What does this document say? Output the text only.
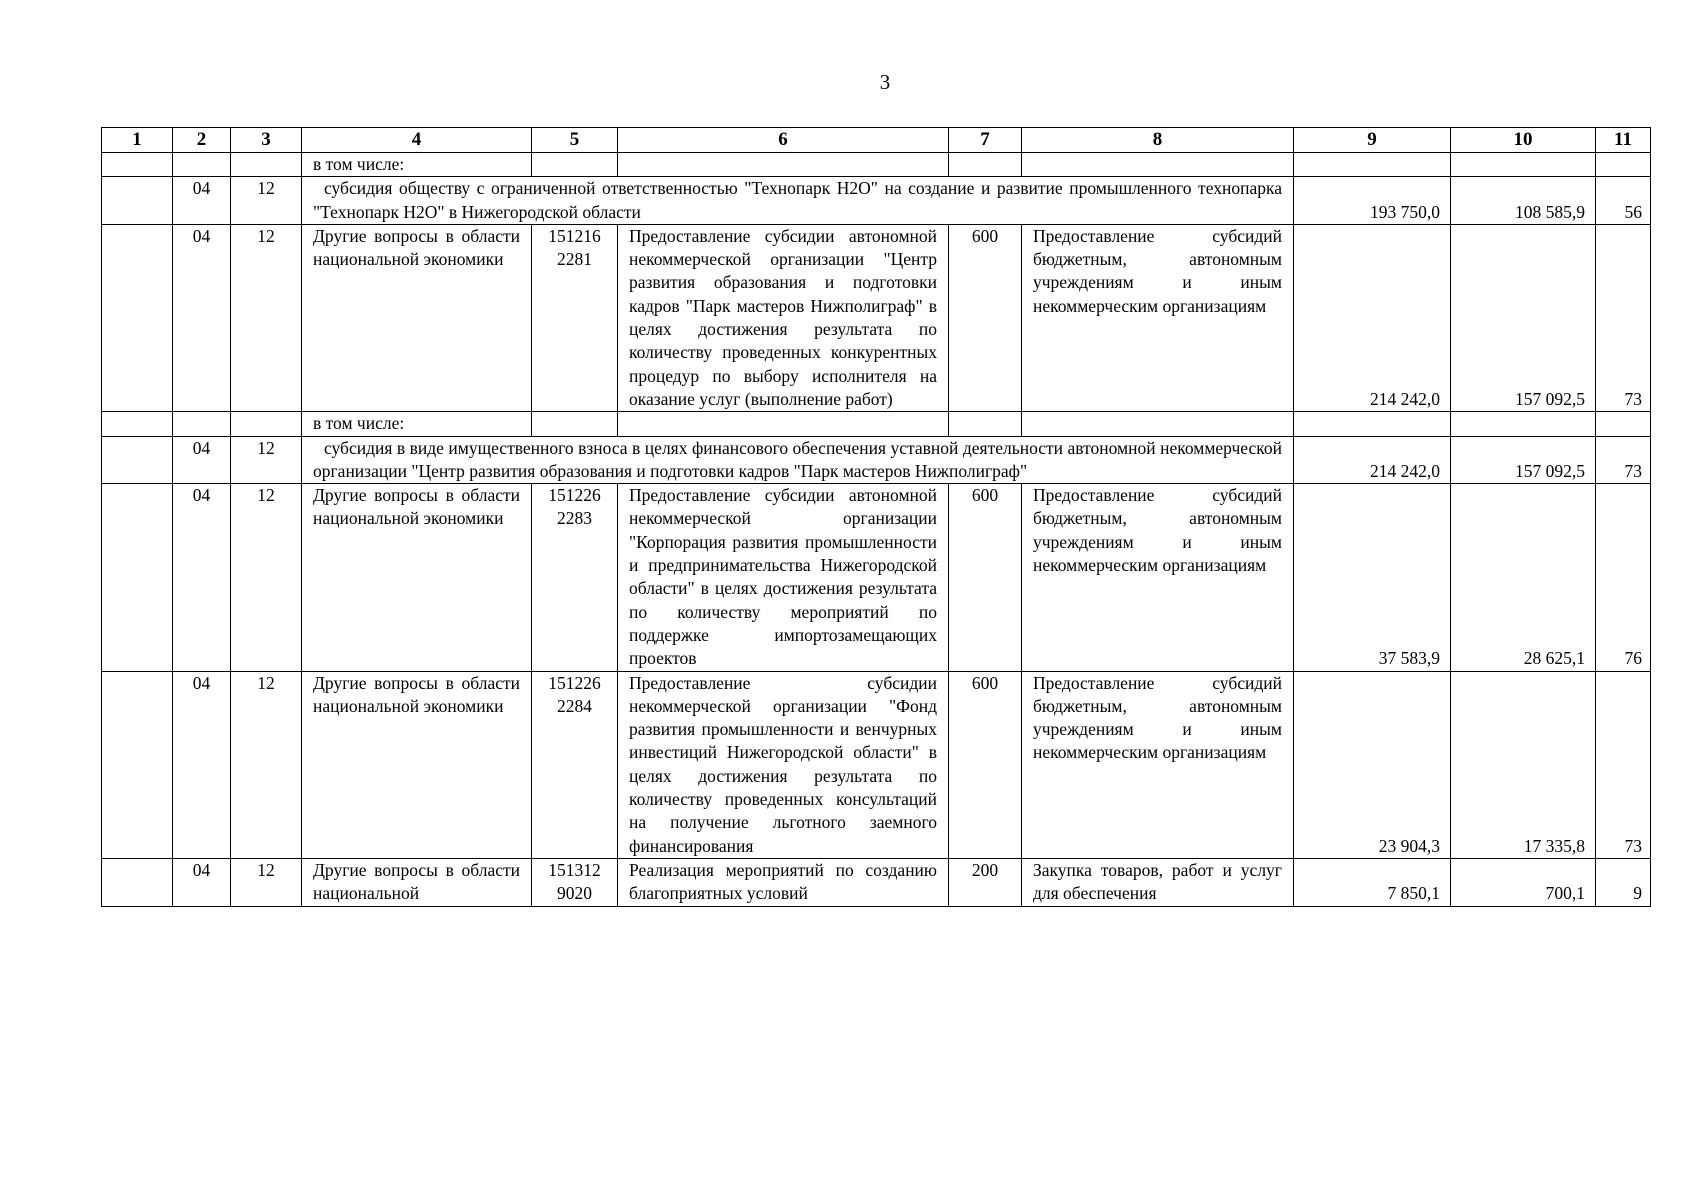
3
1	2	3	4	5	6	7	8	9	10	11
			в том числе:							
	04	12	субсидия обществу с ограниченной ответственностью "Технопарк H2O" на создание и развитие промышленного технопарка "Технопарк H2O" в Нижегородской области					193 750,0	108 585,9	56
	04	12	Другие вопросы в области национальной экономики	151216 2281	Предоставление субсидии автономной некоммерческой организации "Центр развития образования и подготовки кадров "Парк мастеров Нижполиграф" в целях достижения результата по количеству проведенных конкурентных процедур по выбору исполнителя на оказание услуг (выполнение работ)	600	Предоставление субсидий бюджетным, автономным учреждениям и иным некоммерческим организациям	214 242,0	157 092,5	73
			в том числе:							
	04	12	субсидия в виде имущественного взноса в целях финансового обеспечения уставной деятельности автономной некоммерческой организации "Центр развития образования и подготовки кадров "Парк мастеров Нижполиграф"					214 242,0	157 092,5	73
	04	12	Другие вопросы в области национальной экономики	151226 2283	Предоставление субсидии автономной некоммерческой организации "Корпорация развития промышленности и предпринимательства Нижегородской области" в целях достижения результата по количеству мероприятий по поддержке импортозамещающих проектов	600	Предоставление субсидий бюджетным, автономным учреждениям и иным некоммерческим организациям	37 583,9	28 625,1	76
	04	12	Другие вопросы в области национальной экономики	151226 2284	Предоставление субсидии некоммерческой организации "Фонд развития промышленности и венчурных инвестиций Нижегородской области" в целях достижения результата по количеству проведенных консультаций на получение льготного заемного финансирования	600	Предоставление субсидий бюджетным, автономным учреждениям и иным некоммерческим организациям	23 904,3	17 335,8	73
	04	12	Другие вопросы в области национальной	151312 9020	Реализация мероприятий по созданию благоприятных условий	200	Закупка товаров, работ и услуг для обеспечения	7 850,1	700,1	9
